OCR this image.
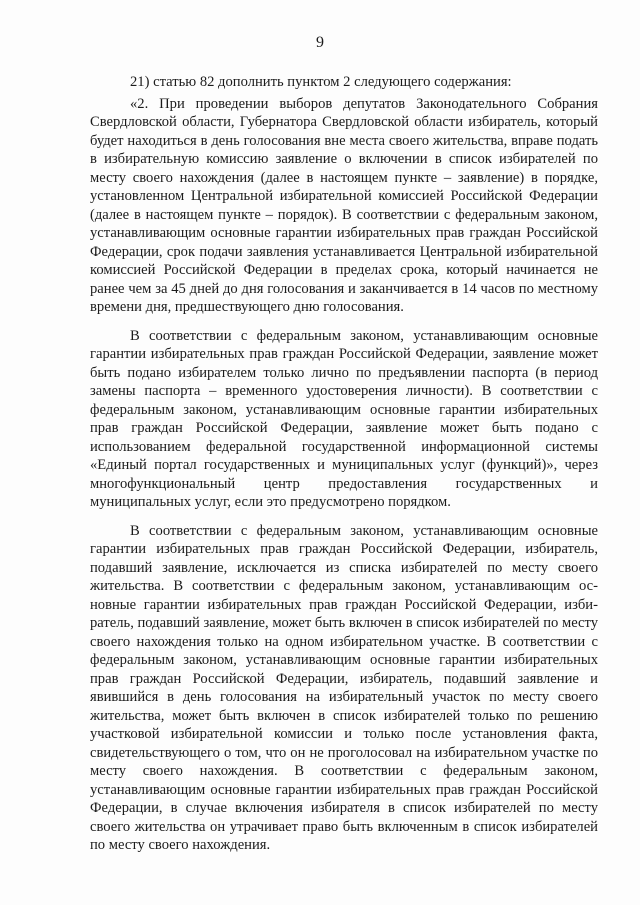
9

21) статью 82 дополнить пунктом 2 следующего содержания:

«2. При проведении выборов депутатов Законодательного Собрания Свердловской области, Губернатора Свердловской области избиратель, который будет находиться в день голосования вне места своего жительства, вправе подать в избирательную комиссию заявление о включении в список избирателей по месту своего нахождения (далее в настоящем пункте – заявление) в порядке, установленном Центральной избирательной комиссией Российской Федерации (далее в настоящем пункте – порядок). В соответствии с федеральным законом, устанавливающим основные гарантии избирательных прав граждан Российской Федерации, срок подачи заявления устанавливается Центральной избирательной комиссией Российской Федерации в пределах срока, который начинается не ранее чем за 45 дней до дня голосования и заканчивается в 14 часов по местному времени дня, предшествующего дню голосования.

В соответствии с федеральным законом, устанавливающим основные гарантии избирательных прав граждан Российской Федерации, заявление может быть подано избирателем только лично по предъявлении паспорта (в период замены паспорта – временного удостоверения личности). В соответствии с федеральным законом, устанавливающим основные гарантии избирательных прав граждан Российской Федерации, заявление может быть подано с использованием федеральной государственной информационной системы «Единый портал государственных и муниципальных услуг (функций)», через многофункциональный центр предоставления государственных и муниципальных услуг, если это предусмотрено порядком.

В соответствии с федеральным законом, устанавливающим основные гарантии избирательных прав граждан Российской Федерации, избиратель, подавший заявление, исключается из списка избирателей по месту своего жительства. В соответствии с федеральным законом, устанавливающим основные гарантии избирательных прав граждан Российской Федерации, избиратель, подавший заявление, может быть включен в список избирателей по месту своего нахождения только на одном избирательном участке. В соответствии с федеральным законом, устанавливающим основные гарантии избирательных прав граждан Российской Федерации, избиратель, подавший заявление и явившийся в день голосования на избирательный участок по месту своего жительства, может быть включен в список избирателей только по решению участковой избирательной комиссии и только после установления факта, свидетельствующего о том, что он не проголосовал на избирательном участке по месту своего нахождения. В соответствии с федеральным законом, устанавливающим основные гарантии избирательных прав граждан Российской Федерации, в случае включения избирателя в список избирателей по месту своего жительства он утрачивает право быть включенным в список избирателей по месту своего нахождения.
